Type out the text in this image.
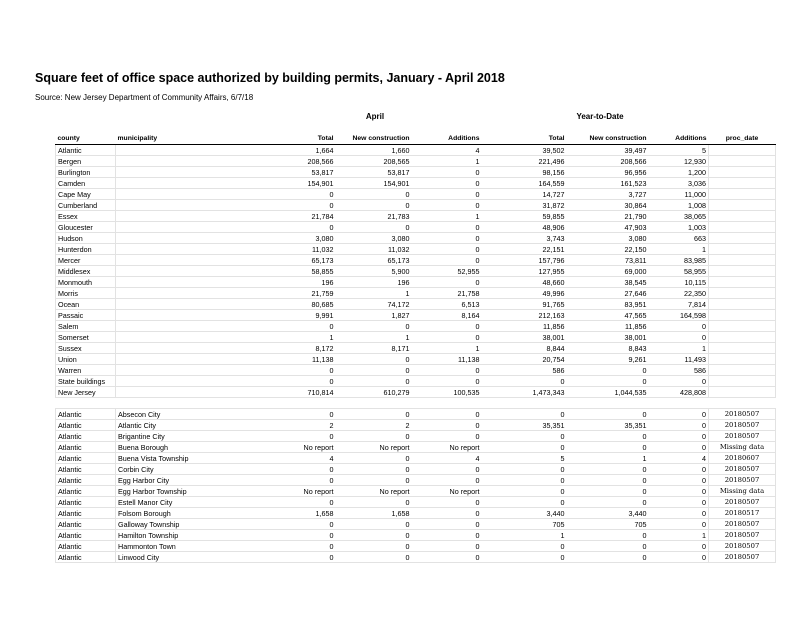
Square feet of office space authorized by building permits, January - April 2018
Source: New Jersey Department of Community Affairs, 6/7/18
April	Year-to-Date
county	municipality	Total	New construction	Additions		Total	New construction	Additions	proc_date
Atlantic		1,664	1,660	4		39,502	39,497	5	
Bergen		208,566	208,565	1		221,496	208,566	12,930	
Burlington		53,817	53,817	0		98,156	96,956	1,200	
Camden		154,901	154,901	0		164,559	161,523	3,036	
Cape May		0	0	0		14,727	3,727	11,000	
Cumberland		0	0	0		31,872	30,864	1,008	
Essex		21,784	21,783	1		59,855	21,790	38,065	
Gloucester		0	0	0		48,906	47,903	1,003	
Hudson		3,080	3,080	0		3,743	3,080	663	
Hunterdon		11,032	11,032	0		22,151	22,150	1	
Mercer		65,173	65,173	0		157,796	73,811	83,985	
Middlesex		58,855	5,900	52,955		127,955	69,000	58,955	
Monmouth		196	196	0		48,660	38,545	10,115	
Morris		21,759	1	21,758		49,996	27,646	22,350	
Ocean		80,685	74,172	6,513		91,765	83,951	7,814	
Passaic		9,991	1,827	8,164		212,163	47,565	164,598	
Salem		0	0	0		11,856	11,856	0	
Somerset		1	1	0		38,001	38,001	0	
Sussex		8,172	8,171	1		8,844	8,843	1	
Union		11,138	0	11,138		20,754	9,261	11,493	
Warren		0	0	0		586	0	586	
State buildings		0	0	0		0	0	0	
New Jersey		710,814	610,279	100,535		1,473,343	1,044,535	428,808	

Atlantic	Absecon City	0	0	0		0	0	0	20180507
Atlantic	Atlantic City	2	2	0		35,351	35,351	0	20180507
Atlantic	Brigantine City	0	0	0		0	0	0	20180507
Atlantic	Buena Borough	No report	No report	No report		0	0	0	Missing data
Atlantic	Buena Vista Township	4	0	4		5	1	4	20180607
Atlantic	Corbin City	0	0	0		0	0	0	20180507
Atlantic	Egg Harbor City	0	0	0		0	0	0	20180507
Atlantic	Egg Harbor Township	No report	No report	No report		0	0	0	Missing data
Atlantic	Estell Manor City	0	0	0		0	0	0	20180507
Atlantic	Folsom Borough	1,658	1,658	0		3,440	3,440	0	20180517
Atlantic	Galloway Township	0	0	0		705	705	0	20180507
Atlantic	Hamilton Township	0	0	0		1	0	1	20180507
Atlantic	Hammonton Town	0	0	0		0	0	0	20180507
Atlantic	Linwood City	0	0	0		0	0	0	20180507
